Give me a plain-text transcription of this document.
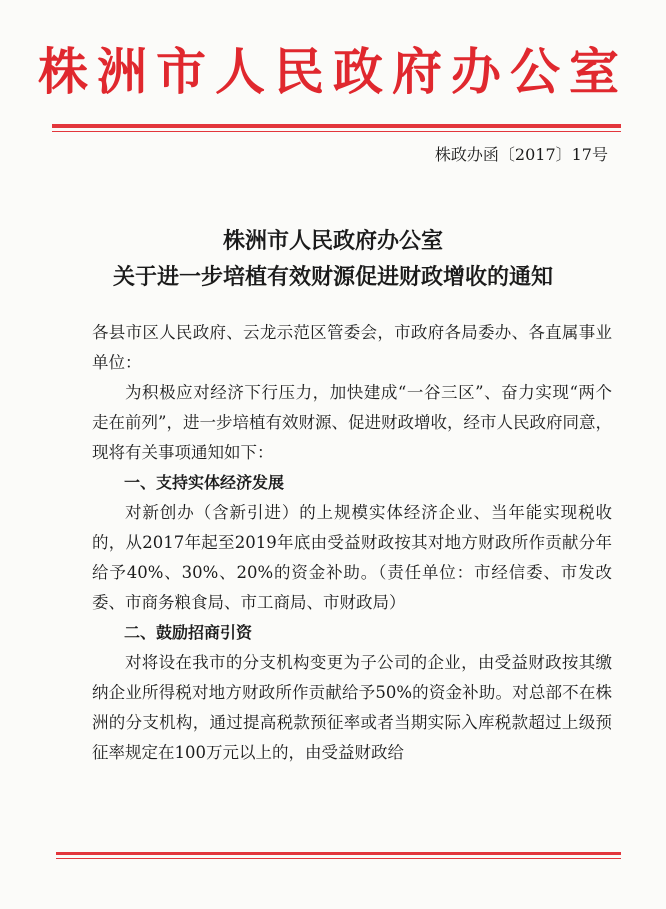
株洲市人民政府办公室
株政办函〔2017〕17号
株洲市人民政府办公室
关于进一步培植有效财源促进财政增收的通知

各县市区人民政府、云龙示范区管委会，市政府各局委办、各直属事业单位：

为积极应对经济下行压力，加快建成“一谷三区”、奋力实现“两个走在前列”，进一步培植有效财源、促进财政增收，经市人民政府同意，现将有关事项通知如下：

一、支持实体经济发展

对新创办（含新引进）的上规模实体经济企业、当年能实现税收的，从2017年起至2019年底由受益财政按其对地方财政所作贡献分年给予40%、30%、20%的资金补助。（责任单位：市经信委、市发改委、市商务粮食局、市工商局、市财政局）

二、鼓励招商引资

对将设在我市的分支机构变更为子公司的企业，由受益财政按其缴纳企业所得税对地方财政所作贡献给予50%的资金补助。对总部不在株洲的分支机构，通过提高税款预征率或者当期实际入库税款超过上级预征率规定在100万元以上的，由受益财政给
